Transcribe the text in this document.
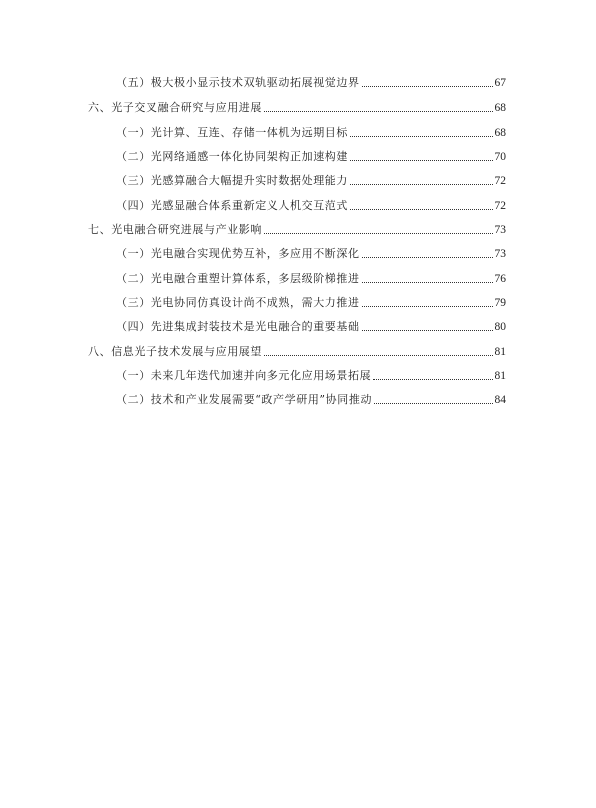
（五）极大极小显示技术双轨驱动拓展视觉边界	67
六、光子交叉融合研究与应用进展	68
（一）光计算、互连、存储一体机为远期目标	68
（二）光网络通感一体化协同架构正加速构建	70
（三）光感算融合大幅提升实时数据处理能力	72
（四）光感显融合体系重新定义人机交互范式	72
七、光电融合研究进展与产业影响	73
（一）光电融合实现优势互补，多应用不断深化	73
（二）光电融合重塑计算体系，多层级阶梯推进	76
（三）光电协同仿真设计尚不成熟，需大力推进	79
（四）先进集成封装技术是光电融合的重要基础	80
八、信息光子技术发展与应用展望	81
（一）未来几年迭代加速并向多元化应用场景拓展	81
（二）技术和产业发展需要“政产学研用”协同推动	84
